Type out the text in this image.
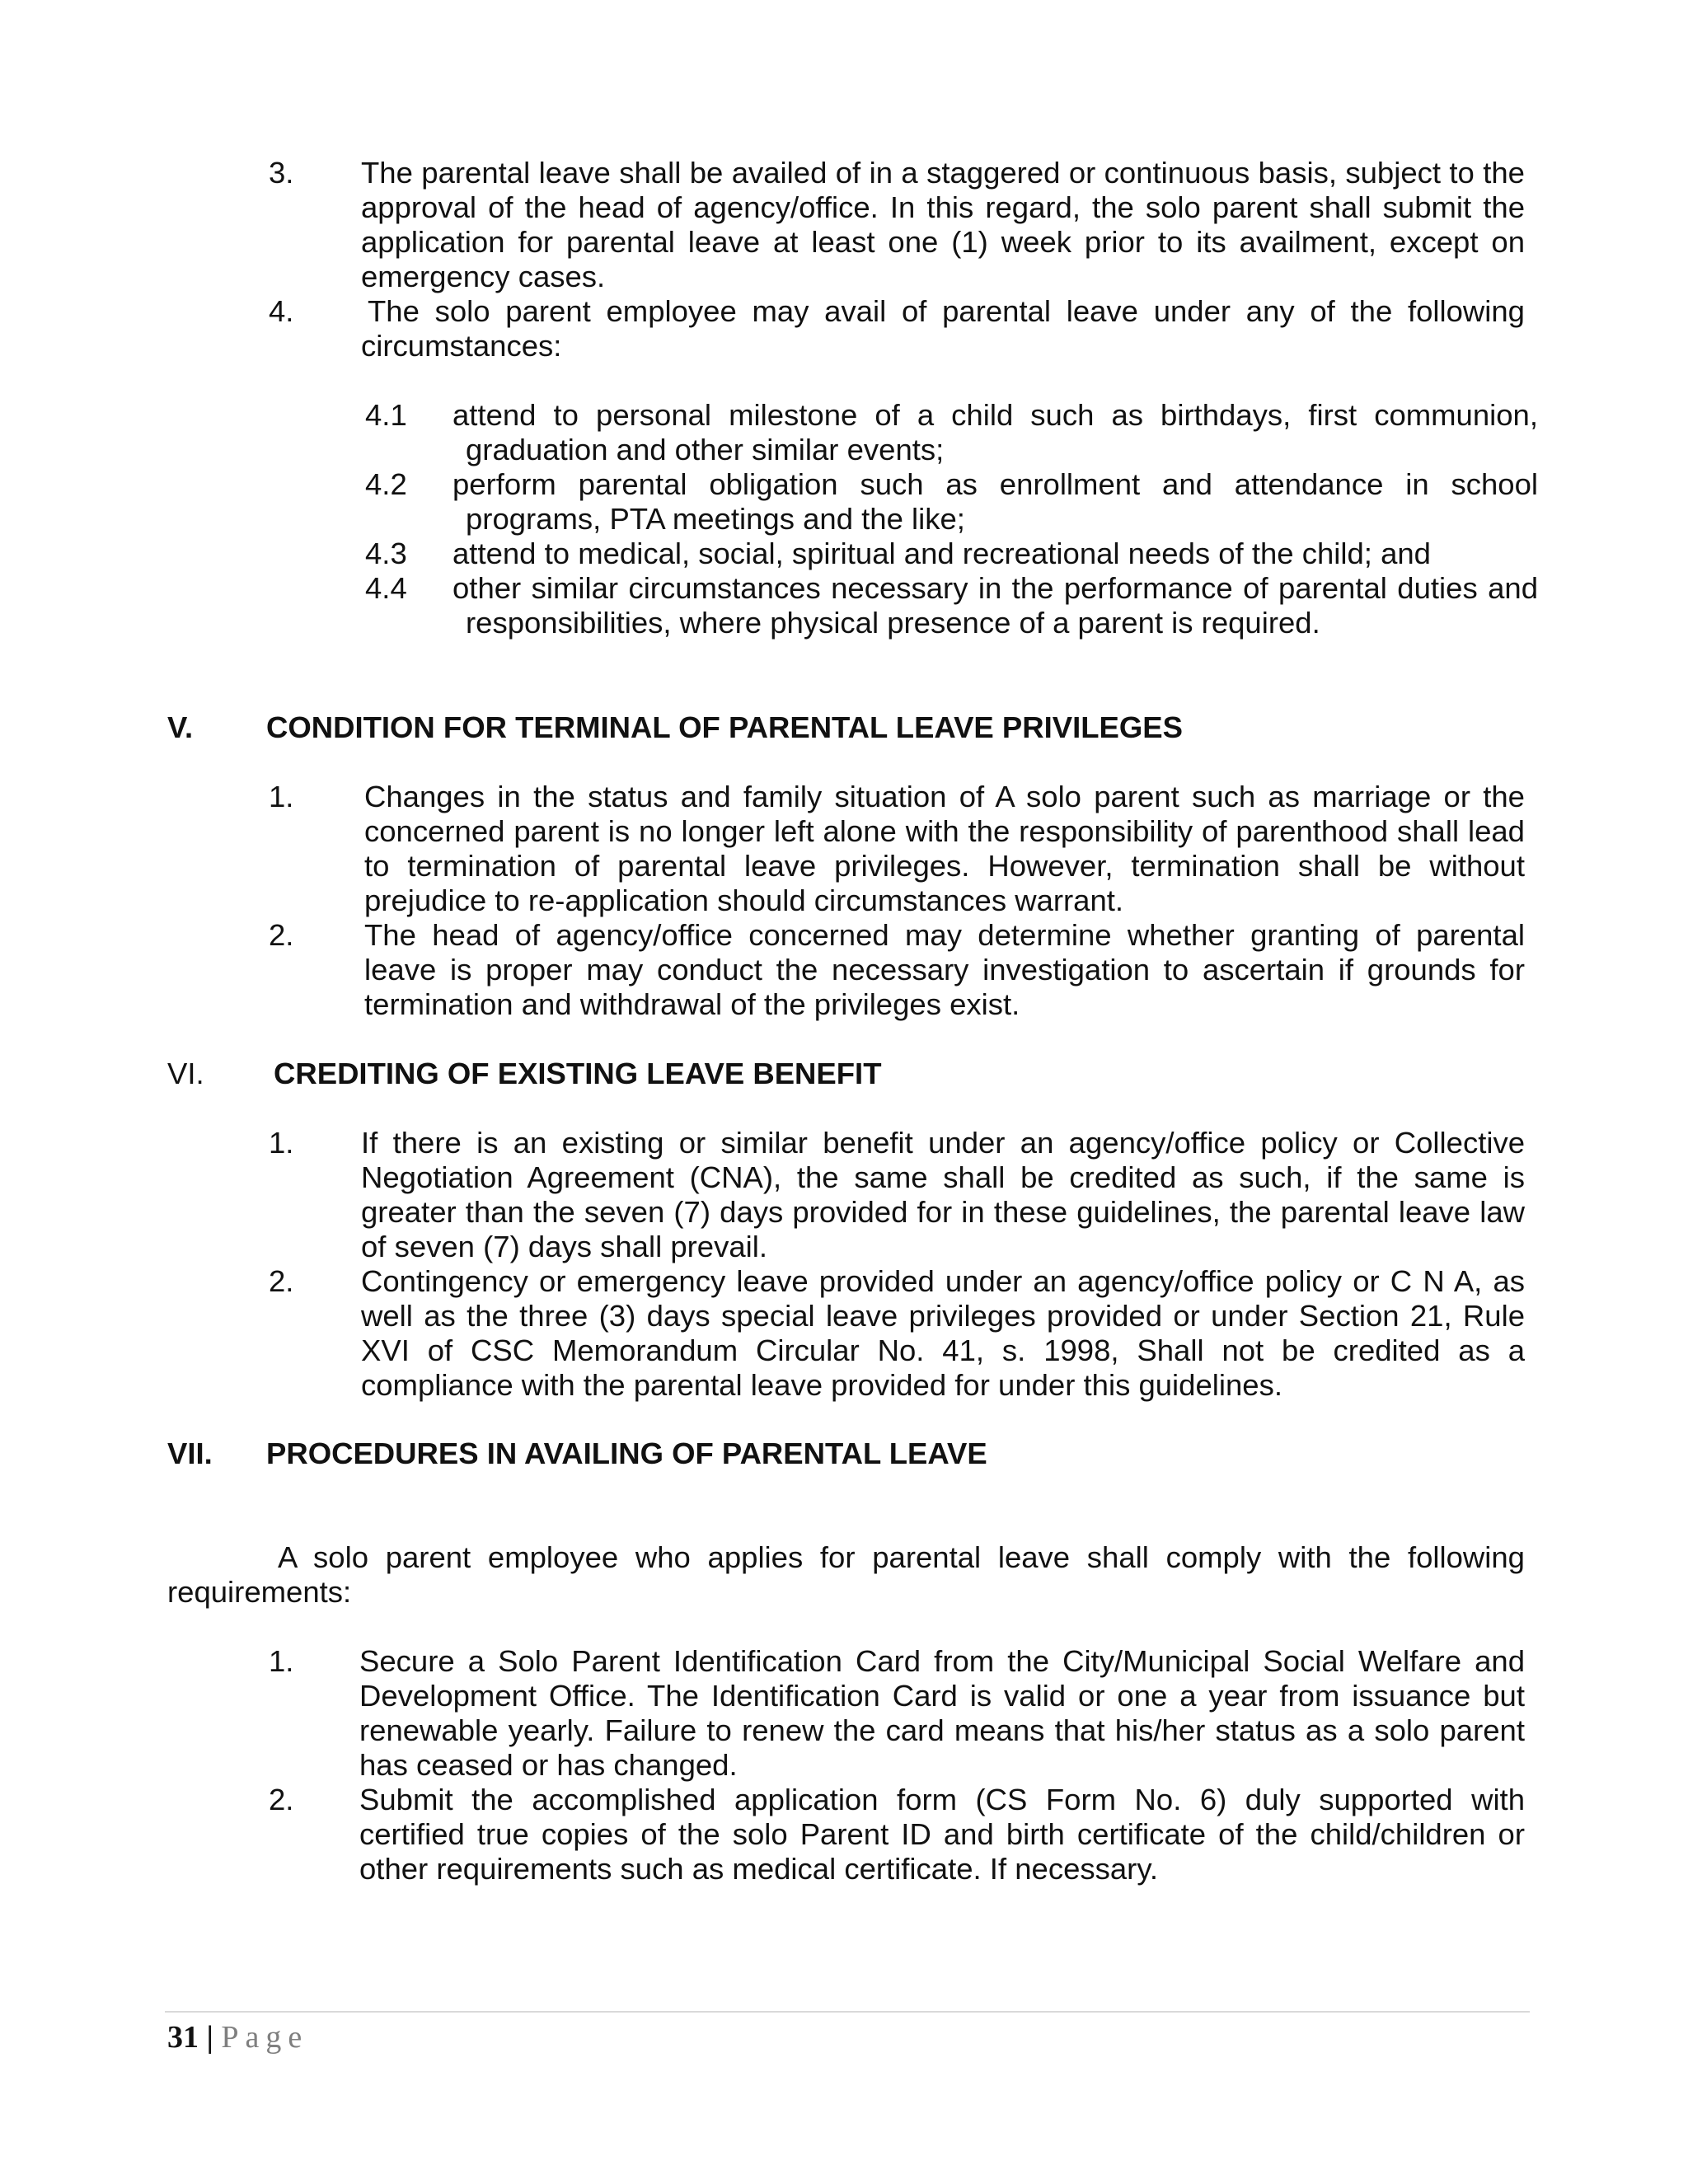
3. The parental leave shall be availed of in a staggered or continuous basis, subject to the approval of the head of agency/office. In this regard, the solo parent shall submit the application for parental leave at least one (1) week prior to its availment, except on emergency cases.
4. The solo parent employee may avail of parental leave under any of the following circumstances:
4.1 attend to personal milestone of a child such as birthdays, first communion, graduation and other similar events;
4.2 perform parental obligation such as enrollment and attendance in school programs, PTA meetings and the like;
4.3 attend to medical, social, spiritual and recreational needs of the child; and
4.4 other similar circumstances necessary in the performance of parental duties and responsibilities, where physical presence of a parent is required.
V. CONDITION FOR TERMINAL OF PARENTAL LEAVE PRIVILEGES
1. Changes in the status and family situation of A solo parent such as marriage or the concerned parent is no longer left alone with the responsibility of parenthood shall lead to termination of parental leave privileges. However, termination shall be without prejudice to re-application should circumstances warrant.
2. The head of agency/office concerned may determine whether granting of parental leave is proper may conduct the necessary investigation to ascertain if grounds for termination and withdrawal of the privileges exist.
VI. CREDITING OF EXISTING LEAVE BENEFIT
1. If there is an existing or similar benefit under an agency/office policy or Collective Negotiation Agreement (CNA), the same shall be credited as such, if the same is greater than the seven (7) days provided for in these guidelines, the parental leave law of seven (7) days shall prevail.
2. Contingency or emergency leave provided under an agency/office policy or C N A, as well as the three (3) days special leave privileges provided or under Section 21, Rule XVI of CSC Memorandum Circular No. 41, s. 1998, Shall not be credited as a compliance with the parental leave provided for under this guidelines.
VII. PROCEDURES IN AVAILING OF PARENTAL LEAVE
A solo parent employee who applies for parental leave shall comply with the following requirements:
1. Secure a Solo Parent Identification Card from the City/Municipal Social Welfare and Development Office. The Identification Card is valid or one a year from issuance but renewable yearly. Failure to renew the card means that his/her status as a solo parent has ceased or has changed.
2. Submit the accomplished application form (CS Form No. 6) duly supported with certified true copies of the solo Parent ID and birth certificate of the child/children or other requirements such as medical certificate. If necessary.
31 | Page
